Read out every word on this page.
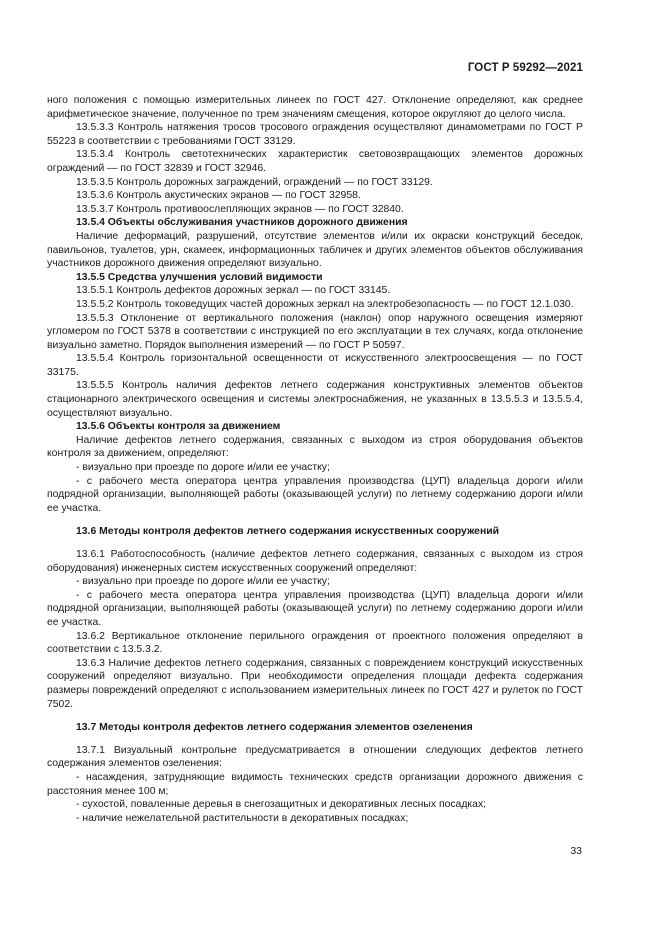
ГОСТ Р 59292—2021

ного положения с помощью измерительных линеек по ГОСТ 427. Отклонение определяют, как среднее арифметическое значение, полученное по трем значениям смещения, которое округляют до целого числа.

13.5.3.3 Контроль натяжения тросов тросового ограждения осуществляют динамометрами по ГОСТ Р 55223 в соответствии с требованиями ГОСТ 33129.

13.5.3.4 Контроль светотехнических характеристик световозвращающих элементов дорожных ограждений — по ГОСТ 32839 и ГОСТ 32946.

13.5.3.5 Контроль дорожных заграждений, ограждений — по ГОСТ 33129.

13.5.3.6 Контроль акустических экранов — по ГОСТ 32958.

13.5.3.7 Контроль противоослепляющих экранов — по ГОСТ 32840.

13.5.4 Объекты обслуживания участников дорожного движения

Наличие деформаций, разрушений, отсутствие элементов и/или их окраски конструкций беседок, павильонов, туалетов, урн, скамеек, информационных табличек и других элементов объектов обслуживания участников дорожного движения определяют визуально.

13.5.5 Средства улучшения условий видимости

13.5.5.1 Контроль дефектов дорожных зеркал — по ГОСТ 33145.

13.5.5.2 Контроль токоведущих частей дорожных зеркал на электробезопасность — по ГОСТ 12.1.030.

13.5.5.3 Отклонение от вертикального положения (наклон) опор наружного освещения измеряют угломером по ГОСТ 5378 в соответствии с инструкцией по его эксплуатации в тех случаях, когда отклонение визуально заметно. Порядок выполнения измерений — по ГОСТ Р 50597.

13.5.5.4 Контроль горизонтальной освещенности от искусственного электроосвещения — по ГОСТ 33175.

13.5.5.5 Контроль наличия дефектов летнего содержания конструктивных элементов объектов стационарного электрического освещения и системы электроснабжения, не указанных в 13.5.5.3 и 13.5.5.4, осуществляют визуально.

13.5.6 Объекты контроля за движением

Наличие дефектов летнего содержания, связанных с выходом из строя оборудования объектов контроля за движением, определяют:

- визуально при проезде по дороге и/или ее участку;

- с рабочего места оператора центра управления производства (ЦУП) владельца дороги и/или подрядной организации, выполняющей работы (оказывающей услуги) по летнему содержанию дороги и/или ее участка.

13.6 Методы контроля дефектов летнего содержания искусственных сооружений

13.6.1 Работоспособность (наличие дефектов летнего содержания, связанных с выходом из строя оборудования) инженерных систем искусственных сооружений определяют:

- визуально при проезде по дороге и/или ее участку;

- с рабочего места оператора центра управления производства (ЦУП) владельца дороги и/или подрядной организации, выполняющей работы (оказывающей услуги) по летнему содержанию дороги и/или ее участка.

13.6.2 Вертикальное отклонение перильного ограждения от проектного положения определяют в соответствии с 13.5.3.2.

13.6.3 Наличие дефектов летнего содержания, связанных с повреждением конструкций искусственных сооружений определяют визуально. При необходимости определения площади дефекта содержания размеры повреждений определяют с использованием измерительных линеек по ГОСТ 427 и рулеток по ГОСТ 7502.

13.7 Методы контроля дефектов летнего содержания элементов озеленения

13.7.1 Визуальный контрольне предусматривается в отношении следующих дефектов летнего содержания элементов озеленения:

- насаждения, затрудняющие видимость технических средств организации дорожного движения с расстояния менее 100 м;

- сухостой, поваленные деревья в снегозащитных и декоративных лесных посадках;

- наличие нежелательной растительности в декоративных посадках;

33
